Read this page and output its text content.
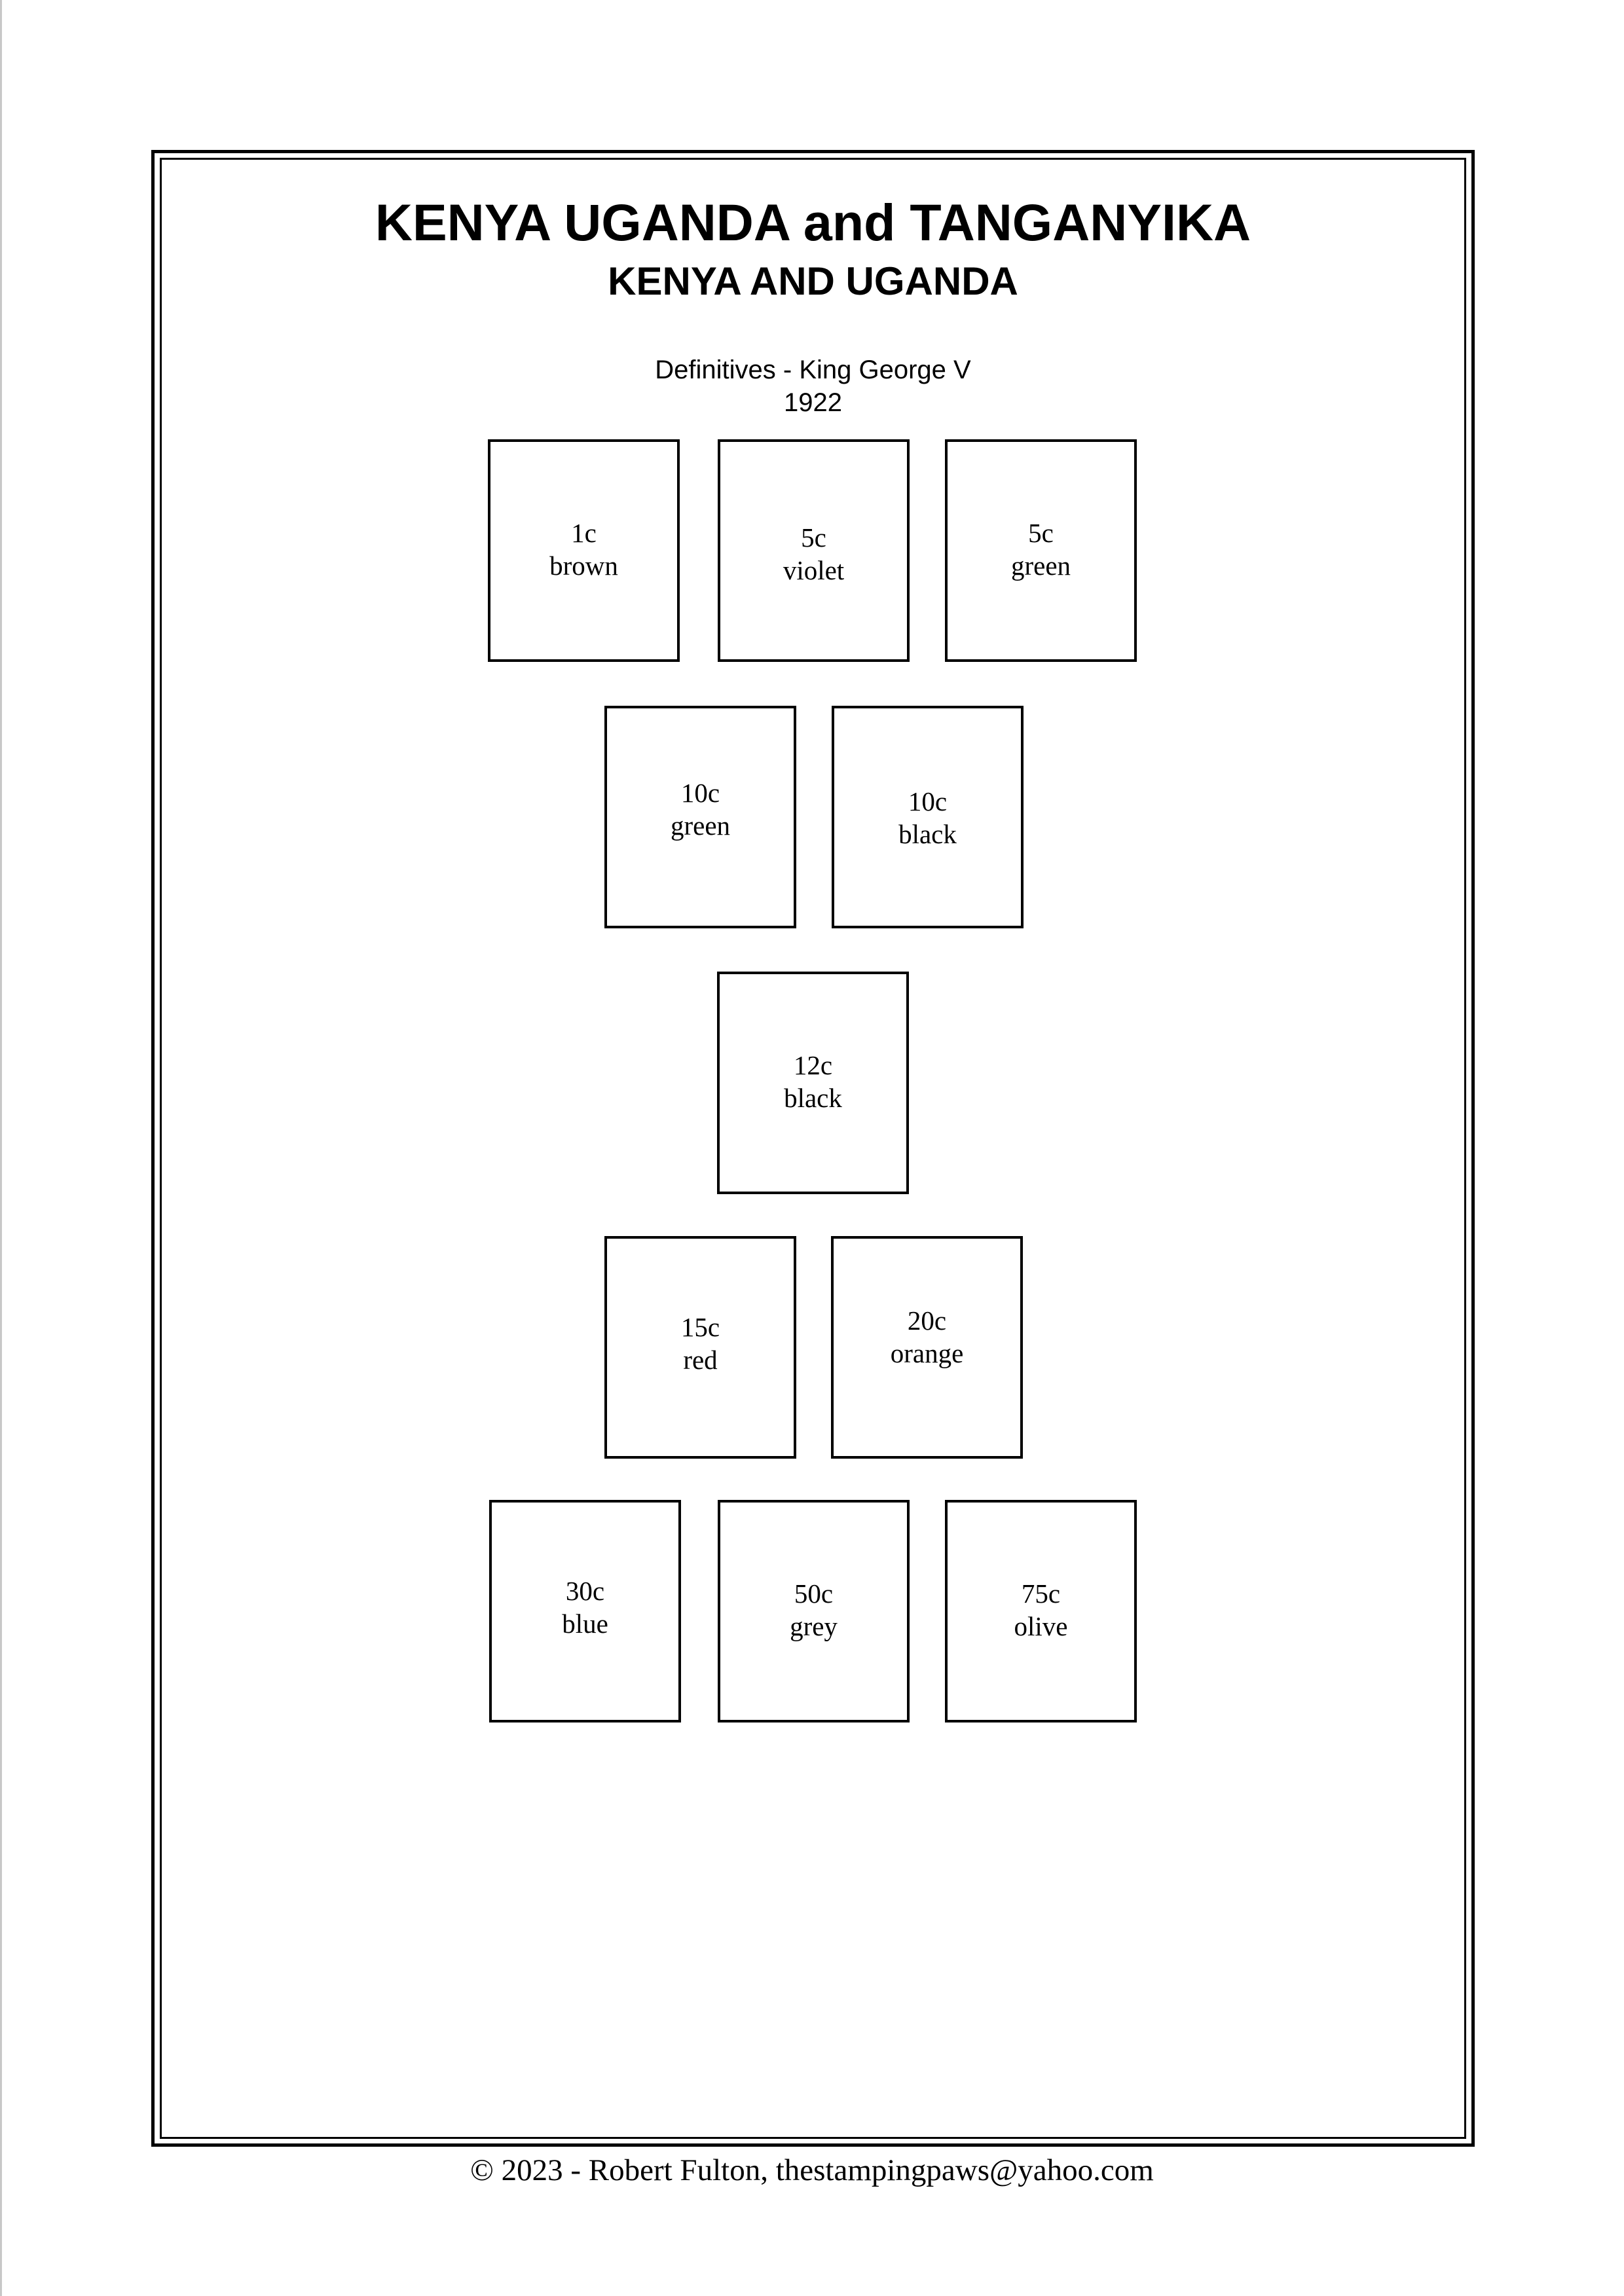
KENYA UGANDA and TANGANYIKA
KENYA AND UGANDA
Definitives - King George V
1922
1c
brown
5c
violet
5c
green
10c
green
10c
black
12c
black
15c
red
20c
orange
30c
blue
50c
grey
75c
olive
© 2023 - Robert Fulton, thestampingpaws@yahoo.com
